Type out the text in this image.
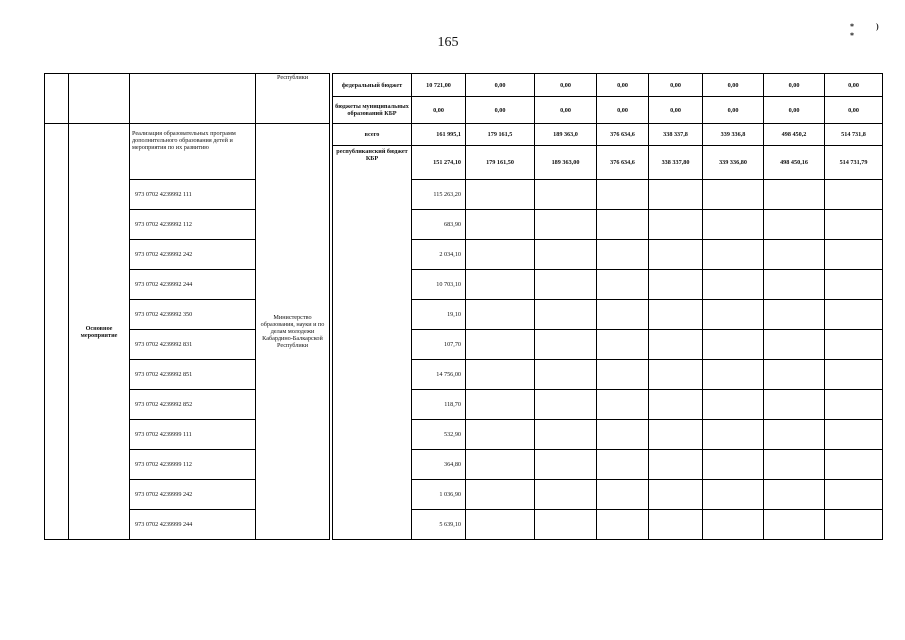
165
*) *
			Республики		федеральный бюджет	10 721,00	0,00	0,00	0,00	0,00	0,00	0,00	0,00
					бюджеты муниципальных образований КБР	0,00	0,00	0,00	0,00	0,00	0,00	0,00	0,00
	Основное мероприятие	Реализация образовательных программ дополнительного образования детей и мероприятия по их развитию	Министерство образования, науки и по делам молодежи Кабардино-Балкарской Республики		всего	161 995,1	179 161,5	189 363,0	376 634,6	338 337,8	339 336,8	498 450,2	514 731,8
					республиканский бюджет КБР	151 274,10	179 161,50	189 363,00	376 634,6	338 337,80	339 336,80	498 450,16	514 731,79
		973 0702 4239992 111				115 263,20							
		973 0702 4239992 112				683,90							
		973 0702 4239992 242				2 034,10							
		973 0702 4239992 244				10 703,10							
		973 0702 4239992 350				19,10							
		973 0702 4239992 831				107,70							
		973 0702 4239992 851				14 756,00							
		973 0702 4239992 852				118,70							
		973 0702 4239999 111				532,90							
		973 0702 4239999 112				364,80							
		973 0702 4239999 242				1 036,90							
		973 0702 4239999 244				5 639,10							
